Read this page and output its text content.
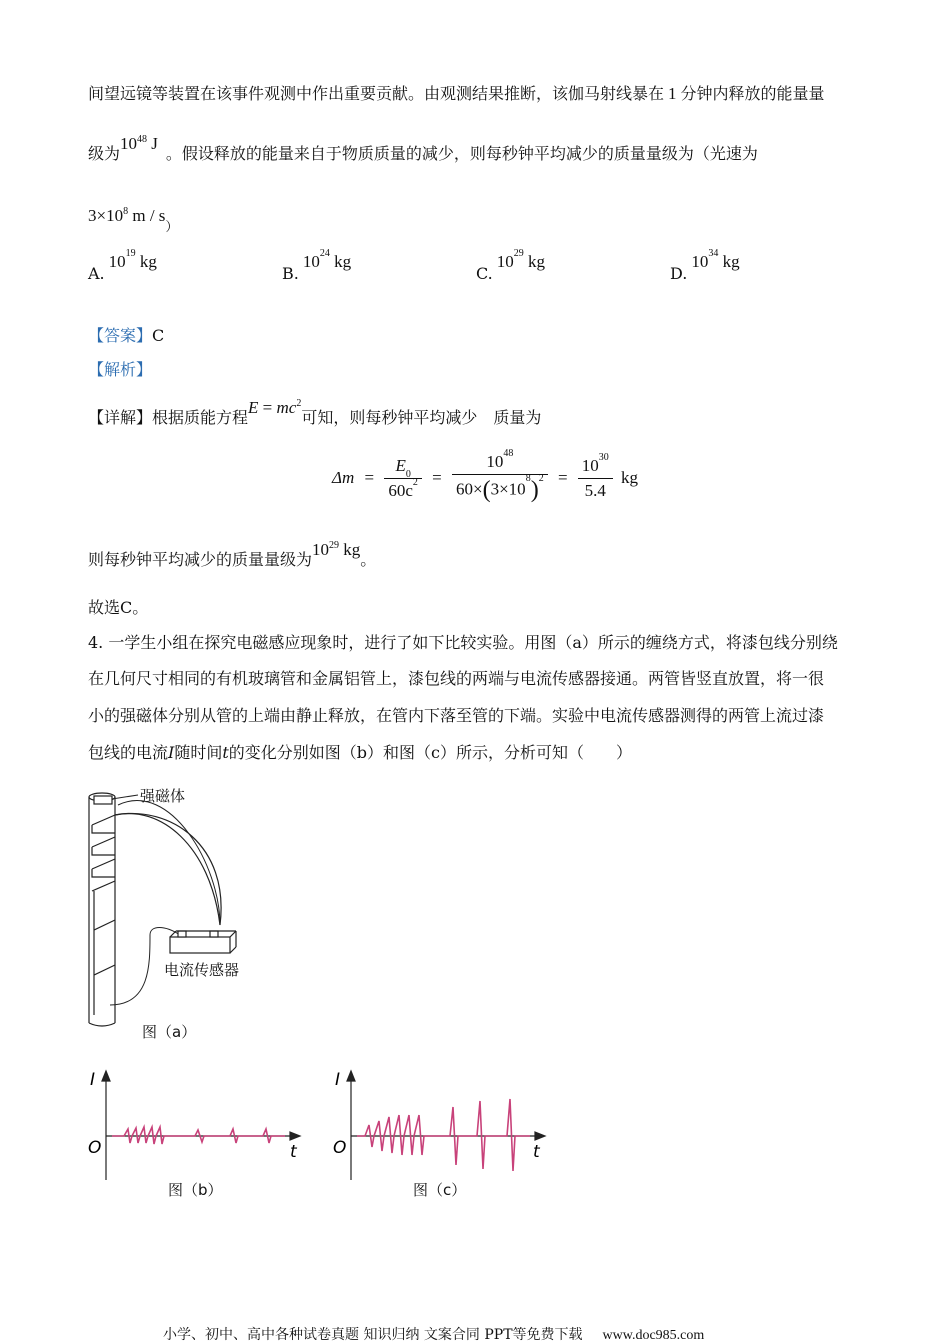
间望远镜等装置在该事件观测中作出重要贡献。由观测结果推断，该伽马射线暴在 1 分钟内释放的能量量
级为$10^{48}$ J。假设释放的能量来自于物质质量的减少，则每秒钟平均减少的质量量级为（光速为
$3\times 10^8$ m / $s_)$
$A.10^{19}$ kg
$B.10^{24}$ kg
$C.10^{29}$ kg
$D.10^{34}$ kg
【答案】C
【解析】
【详解】根据质能方程$E = mc^2$可知，则每秒钟平均减少 质量为
$\Delta m = \frac{E_0}{60c^2} = \frac{10^{48}}{60\times(3\times 10^8)^2} = \frac{10^{30}}{5.4}$ kg
则每秒钟平均减少的质量量级为$10^{29}$ kg。
故选C。
4. 一学生小组在探究电磁感应现象时，进行了如下比较实验。用图（a）所示的缠绕方式，将漆包线分别绕
在几何尺寸相同的有机玻璃管和金属铝管上，漆包线的两端与电流传感器接通。两管皆竖直放置，将一很
小的强磁体分别从管的上端由静止释放，在管内下落至管的下端。实验中电流传感器测得的两管上流过漆
包线的电流I随时间t的变化分别如图（b）和图（c）所示，分析可知（　　）
强磁体
电流传感器
图（a）
I
O	t
图（b）
I
O	t
图（c）
小学、初中、高中各种试卷真题 知识归纳 文案合同 PPT等免费下载 www.doc985.com
